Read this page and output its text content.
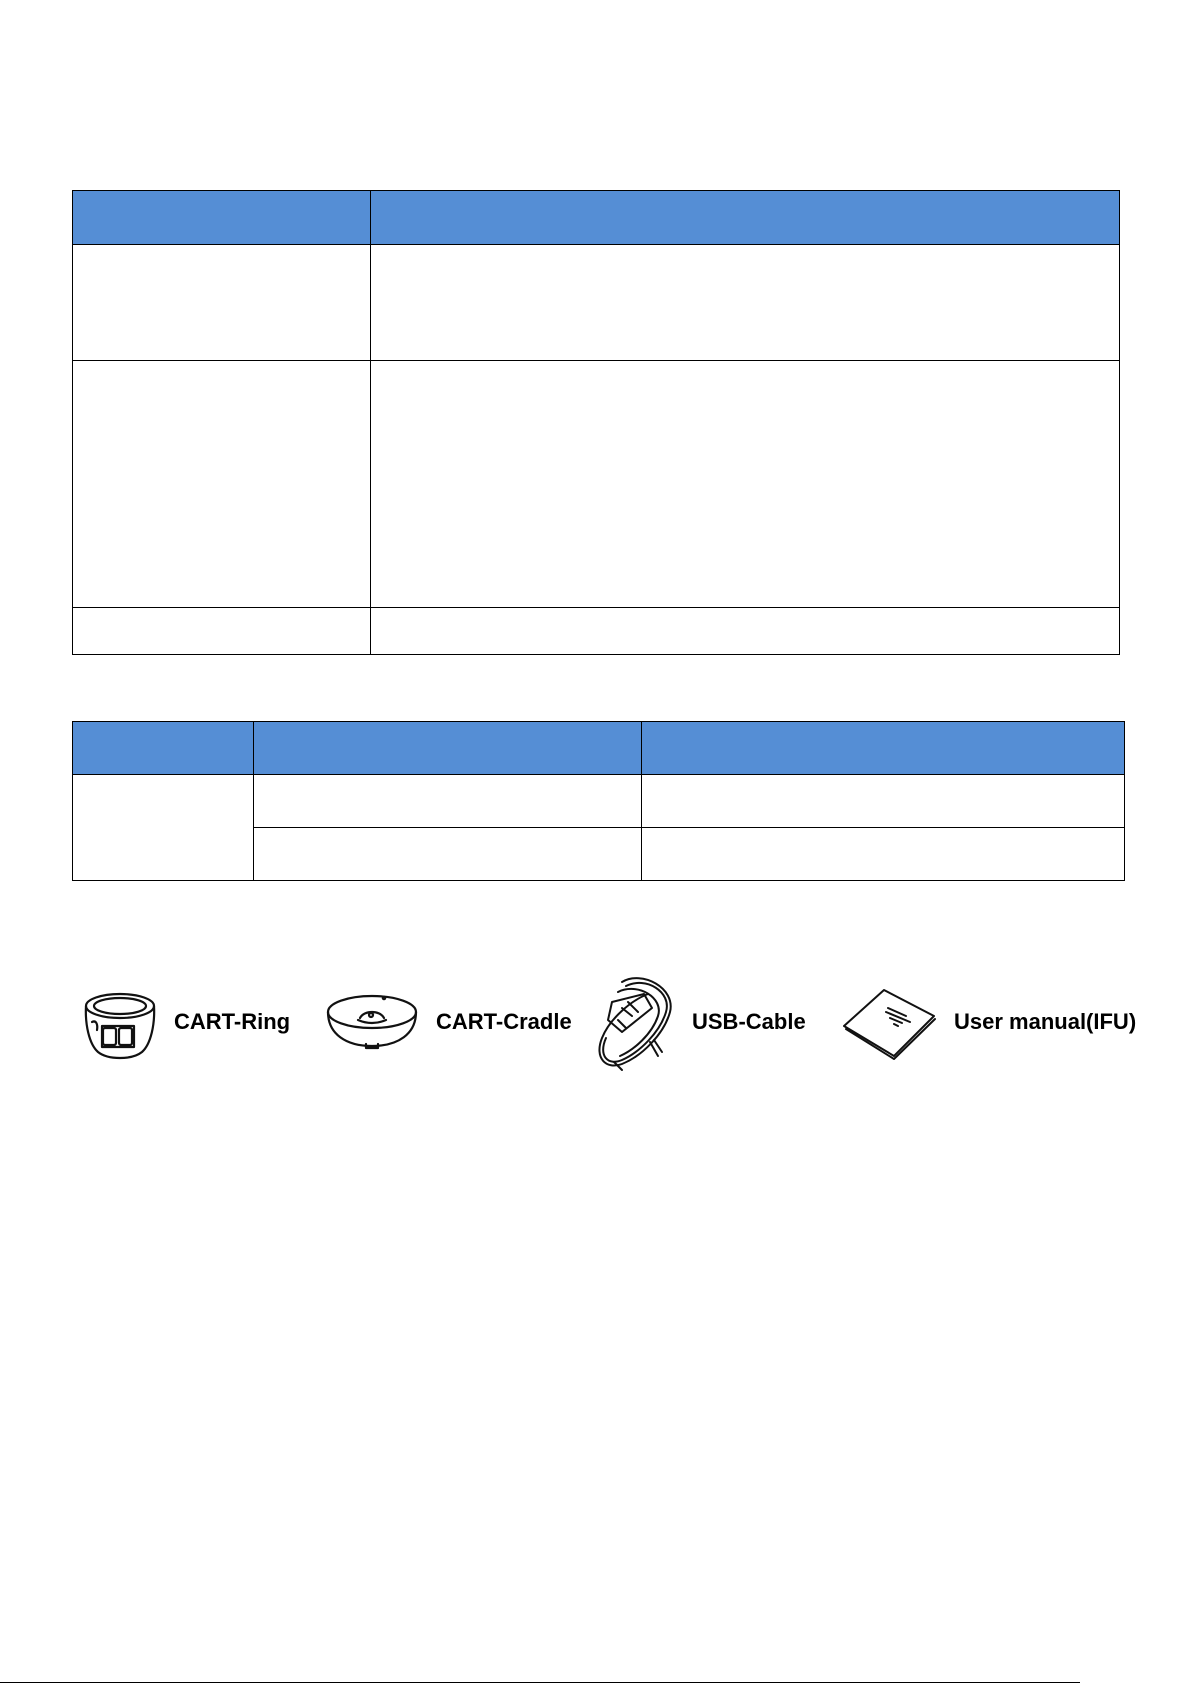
CART-Ring	CART-Cradle	USB-Cable	User manual(IFU)
